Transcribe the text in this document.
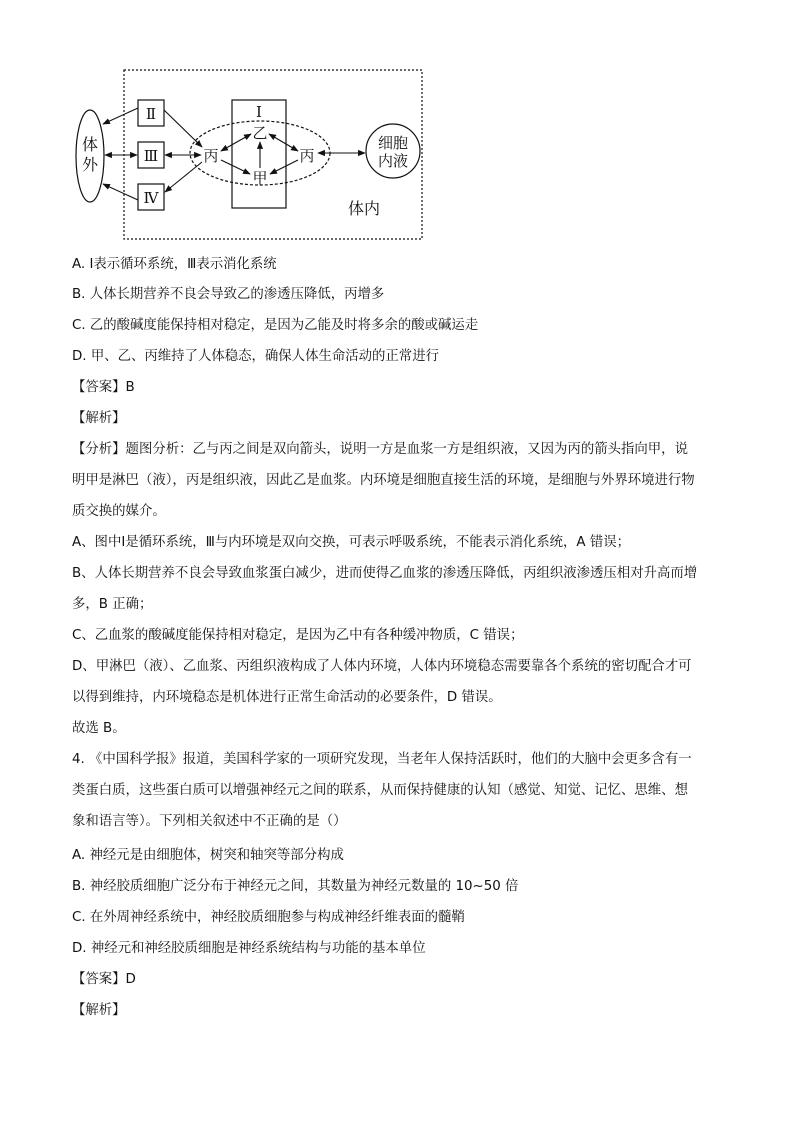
体
外
Ⅱ
Ⅲ
Ⅳ
Ⅰ
乙
甲
丙	丙
细胞
内液
体内
A. Ⅰ表示循环系统，Ⅲ表示消化系统
B. 人体长期营养不良会导致乙的渗透压降低，丙增多
C. 乙的酸碱度能保持相对稳定，是因为乙能及时将多余的酸或碱运走
D. 甲、乙、丙维持了人体稳态，确保人体生命活动的正常进行
【答案】B
【解析】
【分析】题图分析：乙与丙之间是双向箭头，说明一方是血浆一方是组织液，又因为丙的箭头指向甲，说
明甲是淋巴（液），丙是组织液，因此乙是血浆。内环境是细胞直接生活的环境，是细胞与外界环境进行物
质交换的媒介。
A、图中Ⅰ是循环系统，Ⅲ与内环境是双向交换，可表示呼吸系统，不能表示消化系统，A 错误；
B、人体长期营养不良会导致血浆蛋白减少，进而使得乙血浆的渗透压降低，丙组织液渗透压相对升高而增
多，B 正确；
C、乙血浆的酸碱度能保持相对稳定，是因为乙中有各种缓冲物质，C 错误；
D、甲淋巴（液）、乙血浆、丙组织液构成了人体内环境，人体内环境稳态需要靠各个系统的密切配合才可
以得到维持，内环境稳态是机体进行正常生命活动的必要条件，D 错误。
故选 B。
4. 《中国科学报》报道，美国科学家的一项研究发现，当老年人保持活跃时，他们的大脑中会更多含有一
类蛋白质，这些蛋白质可以增强神经元之间的联系，从而保持健康的认知（感觉、知觉、记忆、思维、想
象和语言等）。下列相关叙述中不正确的是（）
A. 神经元是由细胞体，树突和轴突等部分构成
B. 神经胶质细胞广泛分布于神经元之间，其数量为神经元数量的 10~50 倍
C. 在外周神经系统中，神经胶质细胞参与构成神经纤维表面的髓鞘
D. 神经元和神经胶质细胞是神经系统结构与功能的基本单位
【答案】D
【解析】
